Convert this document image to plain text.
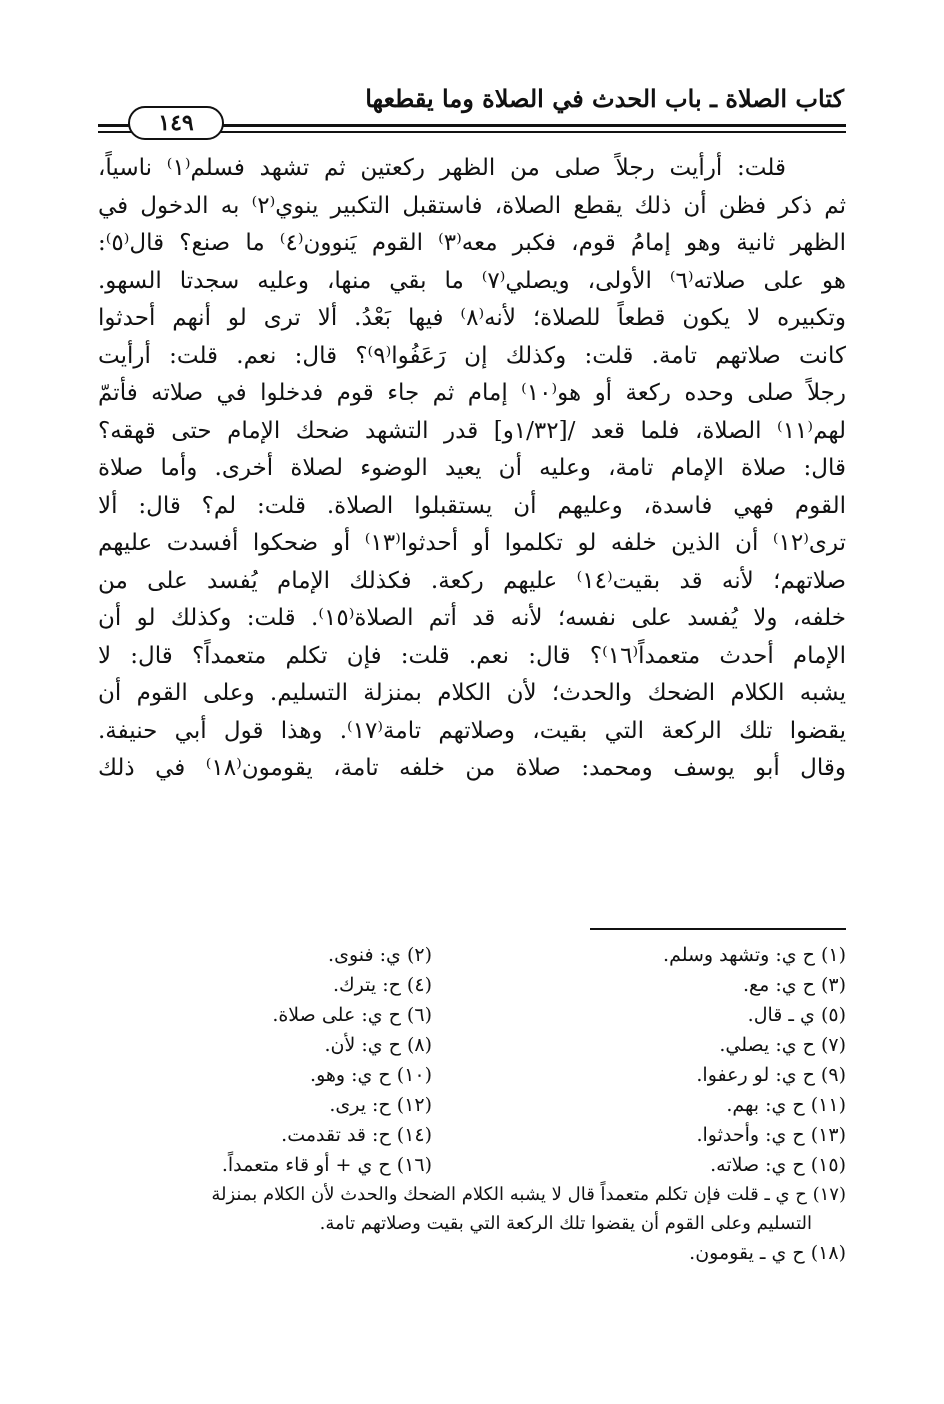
كتاب الصلاة ـ باب الحدث في الصلاة وما يقطعها
١٤٩
قلت: أرأيت رجلاً صلى من الظهر ركعتين ثم تشهد فسلم⁽١⁾ ناسياً،
ثم ذكر فظن أن ذلك يقطع الصلاة، فاستقبل التكبير ينوي⁽٢⁾ به الدخول في
الظهر ثانية وهو إمامُ قوم، فكبر معه⁽٣⁾ القوم يَنوون⁽٤⁾ ما صنع؟ قال⁽٥⁾:
هو على صلاته⁽٦⁾ الأولى، ويصلي⁽٧⁾ ما بقي منها، وعليه سجدتا السهو.
وتكبيره لا يكون قطعاً للصلاة؛ لأنه⁽٨⁾ فيها بَعْدُ. ألا ترى لو أنهم أحدثوا
كانت صلاتهم تامة. قلت: وكذلك إن رَعَفُوا⁽٩⁾؟ قال: نعم. قلت: أرأيت
رجلاً صلى وحده ركعة أو هو⁽١٠⁾ إمام ثم جاء قوم فدخلوا في صلاته فأتمّ
لهم⁽١١⁾ الصلاة، فلما قعد /[١/٣٢و] قدر التشهد ضحك الإمام حتى قهقه؟
قال: صلاة الإمام تامة، وعليه أن يعيد الوضوء لصلاة أخرى. وأما صلاة
القوم فهي فاسدة، وعليهم أن يستقبلوا الصلاة. قلت: لم؟ قال: ألا
ترى⁽١٢⁾ أن الذين خلفه لو تكلموا أو أحدثوا⁽١٣⁾ أو ضحكوا أفسدت عليهم
صلاتهم؛ لأنه قد بقيت⁽١٤⁾ عليهم ركعة. فكذلك الإمام يُفسد على من
خلفه، ولا يُفسد على نفسه؛ لأنه قد أتم الصلاة⁽١٥⁾. قلت: وكذلك لو أن
الإمام أحدث متعمداً⁽١٦⁾؟ قال: نعم. قلت: فإن تكلم متعمداً؟ قال: لا
يشبه الكلام الضحك والحدث؛ لأن الكلام بمنزلة التسليم. وعلى القوم أن
يقضوا تلك الركعة التي بقيت، وصلاتهم تامة⁽١٧⁾. وهذا قول أبي حنيفة.
وقال أبو يوسف ومحمد: صلاة من خلفه تامة، يقومون⁽١٨⁾ في ذلك
(١) ح ي: وتشهد وسلم.
(٢) ي: فنوى.
(٣) ح ي: مع.
(٤) ح: يترك.
(٥) ي ـ قال.
(٦) ح ي: على صلاة.
(٧) ح ي: يصلي.
(٨) ح ي: لأن.
(٩) ح ي: لو رعفوا.
(١٠) ح ي: وهو.
(١١) ح ي: بهم.
(١٢) ح: يرى.
(١٣) ح ي: وأحدثوا.
(١٤) ح: قد تقدمت.
(١٥) ح ي: صلاته.
(١٦) ح ي + أو قاء متعمداً.
(١٧) ح ي ـ قلت فإن تكلم متعمداً قال لا يشبه الكلام الضحك والحدث لأن الكلام بمنزلة
التسليم وعلى القوم أن يقضوا تلك الركعة التي بقيت وصلاتهم تامة.
(١٨) ح ي ـ يقومون.
